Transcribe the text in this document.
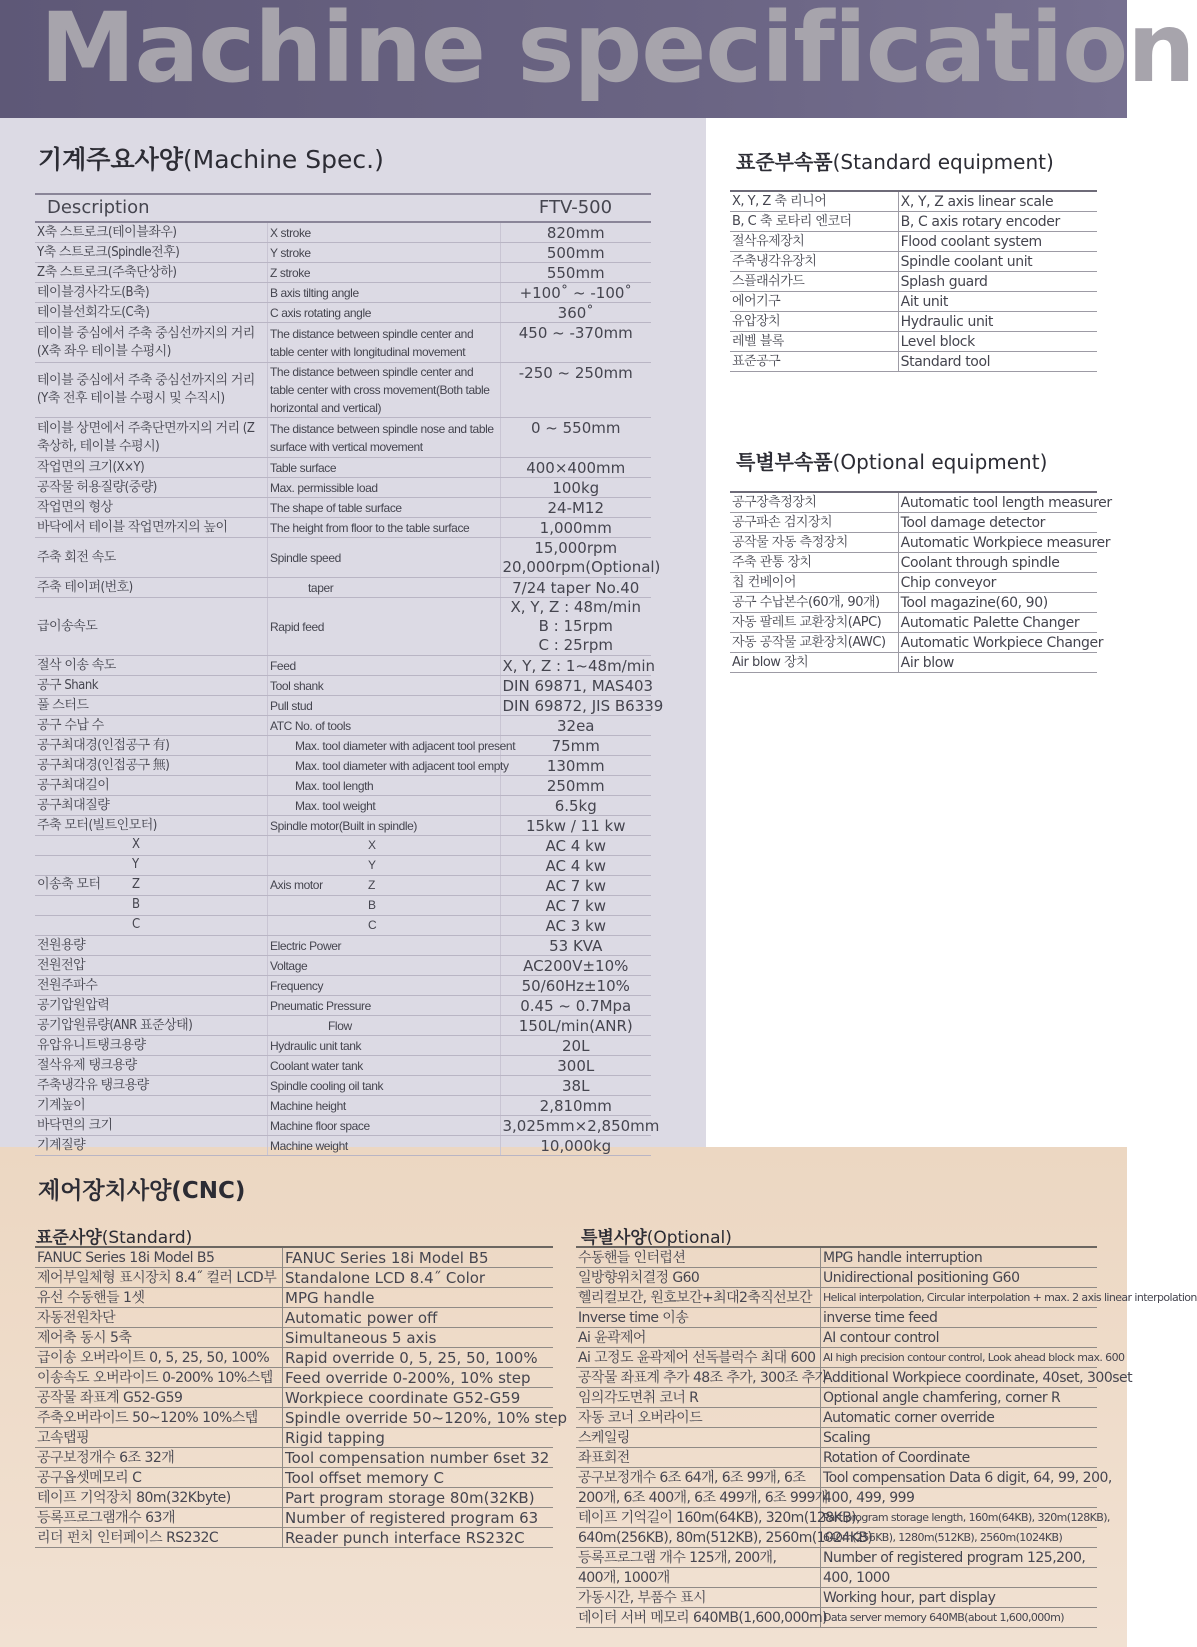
Machine specification
기계주요사양(Machine Spec.)
Description		FTV-500
X축 스트로크(테이블좌우)	X stroke	820mm
Y축 스트로크(Spindle전후)	Y stroke	500mm
Z축 스트로크(주축단상하)	Z stroke	550mm
테이블경사각도(B축)	B axis tilting angle	+100˚ ~ -100˚
테이블선회각도(C축)	C axis rotating angle	360˚
테이블 중심에서 주축 중심선까지의 거리(X축 좌우 테이블 수평시)	The distance between spindle center and table center with longitudinal movement	450 ~ -370mm
테이블 중심에서 주축 중심선까지의 거리 (Y축 전후 테이블 수평시 및 수직시)	The distance between spindle center and table center with cross movement(Both table horizontal and vertical)	-250 ~ 250mm
테이블 상면에서 주축단면까지의 거리 (Z축상하, 테이블 수평시)	The distance between spindle nose and table surface with vertical movement	0 ~ 550mm
작업면의 크기(X×Y)	Table surface	400×400mm
공작물 허용질량(중량)	Max. permissible load	100kg
작업면의 형상	The shape of table surface	24-M12
바닥에서 테이블 작업면까지의 높이	The height from floor to the table surface	1,000mm
주축 회전 속도	Spindle speed	15,000rpm
20,000rpm(Optional)

주축 테이퍼(번호)	taper	7/24 taper No.40
급이송속도	Rapid feed	X, Y, Z : 48m/min
B : 15rpm
C : 25rpm

절삭 이송 속도	Feed	X, Y, Z : 1~48m/min
공구 Shank	Tool shank	DIN 69871, MAS403
풀 스터드	Pull stud	DIN 69872, JIS B6339
공구 수납 수	ATC No. of tools	32ea
공구최대경(인접공구 有)	Max. tool diameter with adjacent tool present	75mm
공구최대경(인접공구 無)	Max. tool diameter with adjacent tool empty	130mm
공구최대길이	Max. tool length	250mm
공구최대질량	Max. tool weight	6.5kg
주축 모터(빌트인모터)	Spindle motor(Built in spindle)	15kw / 11 kw

X	X	AC 4 kw

Y	Y	AC 4 kw

이송축 모터 Z	Axis motor Z	AC 7 kw

B	B	AC 7 kw

C	C	AC 3 kw
전원용량	Electric Power	53 KVA
전원전압	Voltage	AC200V±10%
전원주파수	Frequency	50/60Hz±10%
공기압원압력	Pneumatic Pressure	0.45 ~ 0.7Mpa
공기압원류량(ANR 표준상태)	Flow	150L/min(ANR)
유압유니트탱크용량	Hydraulic unit tank	20L
절삭유제 탱크용량	Coolant water tank	300L
주축냉각유 탱크용량	Spindle cooling oil tank	38L
기계높이	Machine height	2,810mm
바닥면의 크기	Machine floor space	3,025mm×2,850mm
기계질량	Machine weight	10,000kg
표준부속품(Standard equipment)
X, Y, Z 축 리니어	X, Y, Z axis linear scale
B, C 축 로타리 엔코더	B, C axis rotary encoder
절삭유제장치	Flood coolant system
주축냉각유장치	Spindle coolant unit
스플래쉬가드	Splash guard
에어기구	Ait unit
유압장치	Hydraulic unit
레벨 블록	Level block
표준공구	Standard tool
특별부속품(Optional equipment)
공구장측정장치	Automatic tool length measurer
공구파손 검지장치	Tool damage detector
공작물 자동 측정장치	Automatic Workpiece measurer
주축 관통 장치	Coolant through spindle
칩 컨베이어	Chip conveyor
공구 수납본수(60개, 90개)	Tool magazine(60, 90)
자동 팔레트 교환장치(APC)	Automatic Palette Changer
자동 공작물 교환장치(AWC)	Automatic Workpiece Changer
Air blow 장치	Air blow
제어장치사양(CNC)
표준사양(Standard)
FANUC Series 18i Model B5	FANUC Series 18i Model B5
제어부일체형 표시장치 8.4˝ 컬러 LCD부	Standalone LCD 8.4˝ Color
유선 수동핸들 1셋	MPG handle
자동전원차단	Automatic power off
제어축 동시 5축	Simultaneous 5 axis
급이송 오버라이트 0, 5, 25, 50, 100%	Rapid override 0, 5, 25, 50, 100%
이송속도 오버라이드 0-200% 10%스텝	Feed override 0-200%, 10% step
공작물 좌표계 G52-G59	Workpiece coordinate G52-G59
주축오버라이드 50~120% 10%스텝	Spindle override 50~120%, 10% step
고속탭핑	Rigid tapping
공구보정개수 6조 32개	Tool compensation number 6set 32
공구옵셋메모리 C	Tool offset memory C
테이프 기억장치 80m(32Kbyte)	Part program storage 80m(32KB)
등록프로그램개수 63개	Number of registered program 63
리더 펀치 인터페이스 RS232C	Reader punch interface RS232C
특별사양(Optional)
수동핸들 인터럽션	MPG handle interruption
일방향위치결정 G60	Unidirectional positioning G60
헬리컬보간, 원호보간+최대2축직선보간	Helical interpolation, Circular interpolation + max. 2 axis linear interpolation
Inverse time 이송	inverse time feed
Ai 윤곽제어	AI contour control
Ai 고정도 윤곽제어 선독블럭수 최대 600	AI high precision contour control, Look ahead block max. 600
공작물 좌표계 추가 48조 추가, 300조 추가	Additional Workpiece coordinate, 40set, 300set
임의각도면취 코너 R	Optional angle chamfering, corner R
자동 코너 오버라이드	Automatic corner override
스케일링	Scaling
좌표회전	Rotation of Coordinate
공구보정개수 6조 64개, 6조 99개, 6조	Tool compensation Data 6 digit, 64, 99, 200,
200개, 6조 400개, 6조 499개, 6조 999개	400, 499, 999
테이프 기억길이 160m(64KB), 320m(128KB),	Part program storage length, 160m(64KB), 320m(128KB),
640m(256KB), 80m(512KB), 2560m(1024KB)	640m(256KB), 1280m(512KB), 2560m(1024KB)
등록프로그램 개수 125개, 200개,	Number of registered program 125,200,
400개, 1000개	400, 1000
가동시간, 부품수 표시	Working hour, part display
데이터 서버 메모리 640MB(1,600,000m)	Data server memory 640MB(about 1,600,000m)
